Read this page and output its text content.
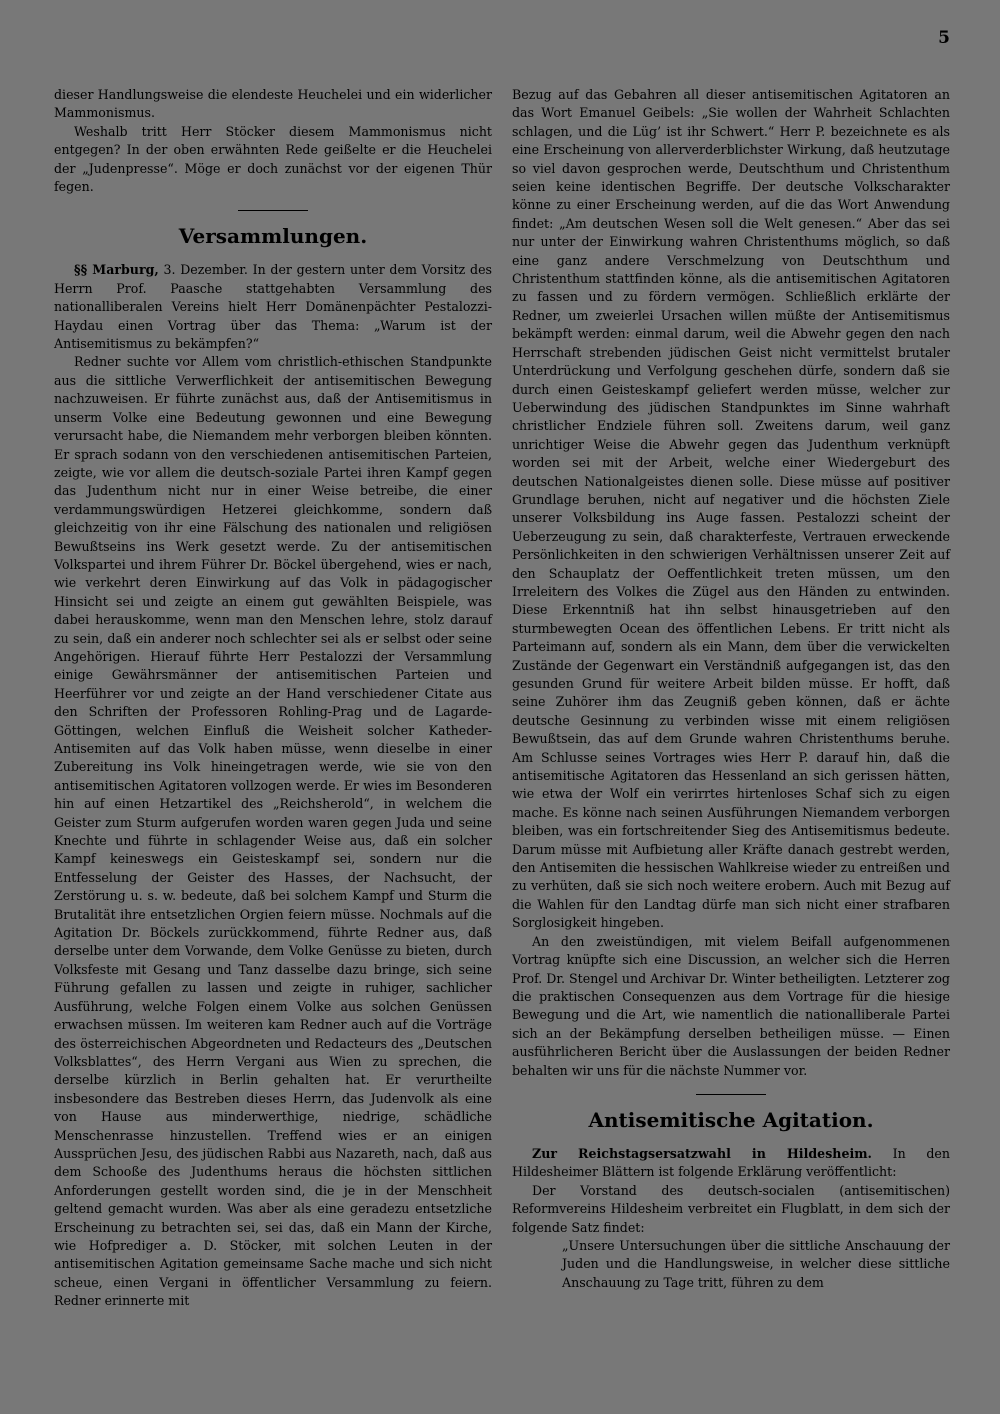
5

dieser Handlungsweise die elendeste Heuchelei und ein widerlicher Mammonismus.

Weshalb tritt Herr Stöcker diesem Mammonismus nicht entgegen? In der oben erwähnten Rede geißelte er die Heuchelei der „Judenpresse“. Möge er doch zunächst vor der eigenen Thür fegen.

Versammlungen.

§§ Marburg, 3. Dezember. In der gestern unter dem Vorsitz des Herrn Prof. Paasche stattgehabten Versammlung des nationalliberalen Vereins hielt Herr Domänenpächter Pestalozzi-Haydau einen Vortrag über das Thema: „Warum ist der Antisemitismus zu bekämpfen?“

Redner suchte vor Allem vom christlich-ethischen Standpunkte aus die sittliche Verwerflichkeit der antisemitischen Bewegung nachzuweisen. Er führte zunächst aus, daß der Antisemitismus in unserm Volke eine Bedeutung gewonnen und eine Bewegung verursacht habe, die Niemandem mehr verborgen bleiben könnten. Er sprach sodann von den verschiedenen antisemitischen Parteien, zeigte, wie vor allem die deutsch-soziale Partei ihren Kampf gegen das Judenthum nicht nur in einer Weise betreibe, die einer verdammungswürdigen Hetzerei gleichkomme, sondern daß gleichzeitig von ihr eine Fälschung des nationalen und religiösen Bewußtseins ins Werk gesetzt werde. Zu der antisemitischen Volkspartei und ihrem Führer Dr. Böckel übergehend, wies er nach, wie verkehrt deren Einwirkung auf das Volk in pädagogischer Hinsicht sei und zeigte an einem gut gewählten Beispiele, was dabei herauskomme, wenn man den Menschen lehre, stolz darauf zu sein, daß ein anderer noch schlechter sei als er selbst oder seine Angehörigen. Hierauf führte Herr Pestalozzi der Versammlung einige Gewährsmänner der antisemitischen Parteien und Heerführer vor und zeigte an der Hand verschiedener Citate aus den Schriften der Professoren Rohling-Prag und de Lagarde-Göttingen, welchen Einfluß die Weisheit solcher Katheder-Antisemiten auf das Volk haben müsse, wenn dieselbe in einer Zubereitung ins Volk hineingetragen werde, wie sie von den antisemitischen Agitatoren vollzogen werde. Er wies im Besonderen hin auf einen Hetzartikel des „Reichsherold“, in welchem die Geister zum Sturm aufgerufen worden waren gegen Juda und seine Knechte und führte in schlagender Weise aus, daß ein solcher Kampf keineswegs ein Geisteskampf sei, sondern nur die Entfesselung der Geister des Hasses, der Nachsucht, der Zerstörung u. s. w. bedeute, daß bei solchem Kampf und Sturm die Brutalität ihre entsetzlichen Orgien feiern müsse. Nochmals auf die Agitation Dr. Böckels zurückkommend, führte Redner aus, daß derselbe unter dem Vorwande, dem Volke Genüsse zu bieten, durch Volksfeste mit Gesang und Tanz dasselbe dazu bringe, sich seine Führung gefallen zu lassen und zeigte in ruhiger, sachlicher Ausführung, welche Folgen einem Volke aus solchen Genüssen erwachsen müssen. Im weiteren kam Redner auch auf die Vorträge des österreichischen Abgeordneten und Redacteurs des „Deutschen Volksblattes“, des Herrn Vergani aus Wien zu sprechen, die derselbe kürzlich in Berlin gehalten hat. Er verurtheilte insbesondere das Bestreben dieses Herrn, das Judenvolk als eine von Hause aus minderwerthige, niedrige, schädliche Menschenrasse hinzustellen. Treffend wies er an einigen Aussprüchen Jesu, des jüdischen Rabbi aus Nazareth, nach, daß aus dem Schooße des Judenthums heraus die höchsten sittlichen Anforderungen gestellt worden sind, die je in der Menschheit geltend gemacht wurden. Was aber als eine geradezu entsetzliche Erscheinung zu betrachten sei, sei das, daß ein Mann der Kirche, wie Hofprediger a. D. Stöcker, mit solchen Leuten in der antisemitischen Agitation gemeinsame Sache mache und sich nicht scheue, einen Vergani in öffentlicher Versammlung zu feiern. Redner erinnerte mit

Bezug auf das Gebahren all dieser antisemitischen Agitatoren an das Wort Emanuel Geibels: „Sie wollen der Wahrheit Schlachten schlagen, und die Lüg’ ist ihr Schwert.“ Herr P. bezeichnete es als eine Erscheinung von allerverderblichster Wirkung, daß heutzutage so viel davon gesprochen werde, Deutschthum und Christenthum seien keine identischen Begriffe. Der deutsche Volkscharakter könne zu einer Erscheinung werden, auf die das Wort Anwendung findet: „Am deutschen Wesen soll die Welt genesen.“ Aber das sei nur unter der Einwirkung wahren Christenthums möglich, so daß eine ganz andere Verschmelzung von Deutschthum und Christenthum stattfinden könne, als die antisemitischen Agitatoren zu fassen und zu fördern vermögen. Schließlich erklärte der Redner, um zweierlei Ursachen willen müßte der Antisemitismus bekämpft werden: einmal darum, weil die Abwehr gegen den nach Herrschaft strebenden jüdischen Geist nicht vermittelst brutaler Unterdrückung und Verfolgung geschehen dürfe, sondern daß sie durch einen Geisteskampf geliefert werden müsse, welcher zur Ueberwindung des jüdischen Standpunktes im Sinne wahrhaft christlicher Endziele führen soll. Zweitens darum, weil ganz unrichtiger Weise die Abwehr gegen das Judenthum verknüpft worden sei mit der Arbeit, welche einer Wiedergeburt des deutschen Nationalgeistes dienen solle. Diese müsse auf positiver Grundlage beruhen, nicht auf negativer und die höchsten Ziele unserer Volksbildung ins Auge fassen. Pestalozzi scheint der Ueberzeugung zu sein, daß charakterfeste, Vertrauen erweckende Persönlichkeiten in den schwierigen Verhältnissen unserer Zeit auf den Schauplatz der Oeffentlichkeit treten müssen, um den Irreleitern des Volkes die Zügel aus den Händen zu entwinden. Diese Erkenntniß hat ihn selbst hinausgetrieben auf den sturmbewegten Ocean des öffentlichen Lebens. Er tritt nicht als Parteimann auf, sondern als ein Mann, dem über die verwickelten Zustände der Gegenwart ein Verständniß aufgegangen ist, das den gesunden Grund für weitere Arbeit bilden müsse. Er hofft, daß seine Zuhörer ihm das Zeugniß geben können, daß er ächte deutsche Gesinnung zu verbinden wisse mit einem religiösen Bewußtsein, das auf dem Grunde wahren Christenthums beruhe. Am Schlusse seines Vortrages wies Herr P. darauf hin, daß die antisemitische Agitatoren das Hessenland an sich gerissen hätten, wie etwa der Wolf ein verirrtes hirtenloses Schaf sich zu eigen mache. Es könne nach seinen Ausführungen Niemandem verborgen bleiben, was ein fortschreitender Sieg des Antisemitismus bedeute. Darum müsse mit Aufbietung aller Kräfte danach gestrebt werden, den Antisemiten die hessischen Wahlkreise wieder zu entreißen und zu verhüten, daß sie sich noch weitere erobern. Auch mit Bezug auf die Wahlen für den Landtag dürfe man sich nicht einer strafbaren Sorglosigkeit hingeben.

An den zweistündigen, mit vielem Beifall aufgenommenen Vortrag knüpfte sich eine Discussion, an welcher sich die Herren Prof. Dr. Stengel und Archivar Dr. Winter betheiligten. Letzterer zog die praktischen Consequenzen aus dem Vortrage für die hiesige Bewegung und die Art, wie namentlich die nationalliberale Partei sich an der Bekämpfung derselben betheiligen müsse. — Einen ausführlicheren Bericht über die Auslassungen der beiden Redner behalten wir uns für die nächste Nummer vor.

Antisemitische Agitation.

Zur Reichstagsersatzwahl in Hildesheim. In den Hildesheimer Blättern ist folgende Erklärung veröffentlicht:

Der Vorstand des deutsch-socialen (antisemitischen) Reformvereins Hildesheim verbreitet ein Flugblatt, in dem sich der folgende Satz findet:

„Unsere Untersuchungen über die sittliche Anschauung der Juden und die Handlungsweise, in welcher diese sittliche Anschauung zu Tage tritt, führen zu dem
